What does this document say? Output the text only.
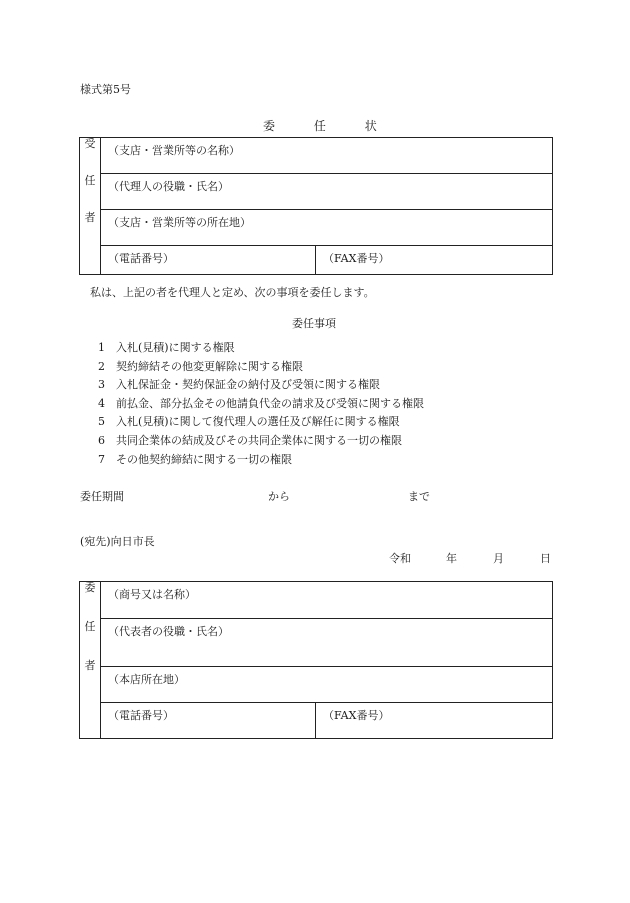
様式第5号
委	任	状
受
任
者	（支店・営業所等の名称）	

	（代理人の役職・氏名）	

	（支店・営業所等の所在地）	

	（電話番号）	（FAX番号）
私は、上記の者を代理人と定め、次の事項を委任します。
委任事項
1 入札(見積)に関する権限
2 契約締結その他変更解除に関する権限
3 入札保証金・契約保証金の納付及び受領に関する権限
4 前払金、部分払金その他請負代金の請求及び受領に関する権限
5 入札(見積)に関して復代理人の選任及び解任に関する権限
6 共同企業体の結成及びその共同企業体に関する一切の権限
7 その他契約締結に関する一切の権限
委任期間	から	まで
(宛先)向日市長
令和	年	月	日
委
任
者	（商号又は名称）	

	（代表者の役職・氏名）	

	（本店所在地）	

	（電話番号）	（FAX番号）
